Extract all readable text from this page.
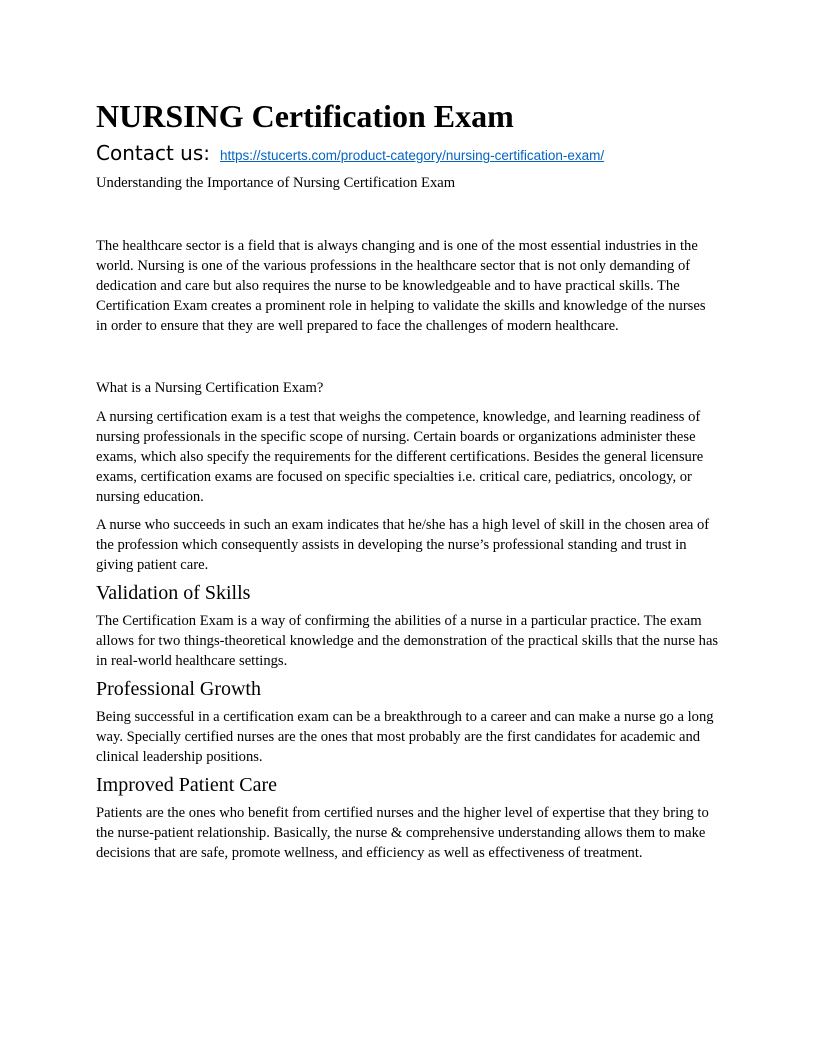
NURSING Certification Exam
Contact us: https://stucerts.com/product-category/nursing-certification-exam/

Understanding the Importance of Nursing Certification Exam

The healthcare sector is a field that is always changing and is one of the most essential industries in the world. Nursing is one of the various professions in the healthcare sector that is not only demanding of dedication and care but also requires the nurse to be knowledgeable and to have practical skills. The Certification Exam creates a prominent role in helping to validate the skills and knowledge of the nurses in order to ensure that they are well prepared to face the challenges of modern healthcare.

What is a Nursing Certification Exam?

A nursing certification exam is a test that weighs the competence, knowledge, and learning readiness of nursing professionals in the specific scope of nursing. Certain boards or organizations administer these exams, which also specify the requirements for the different certifications. Besides the general licensure exams, certification exams are focused on specific specialties i.e. critical care, pediatrics, oncology, or nursing education.

A nurse who succeeds in such an exam indicates that he/she has a high level of skill in the chosen area of the profession which consequently assists in developing the nurse’s professional standing and trust in giving patient care.

Validation of Skills

The Certification Exam is a way of confirming the abilities of a nurse in a particular practice. The exam allows for two things-theoretical knowledge and the demonstration of the practical skills that the nurse has in real-world healthcare settings.

Professional Growth

Being successful in a certification exam can be a breakthrough to a career and can make a nurse go a long way. Specially certified nurses are the ones that most probably are the first candidates for academic and clinical leadership positions.

Improved Patient Care

Patients are the ones who benefit from certified nurses and the higher level of expertise that they bring to the nurse-patient relationship. Basically, the nurse & comprehensive understanding allows them to make decisions that are safe, promote wellness, and efficiency as well as effectiveness of treatment.
